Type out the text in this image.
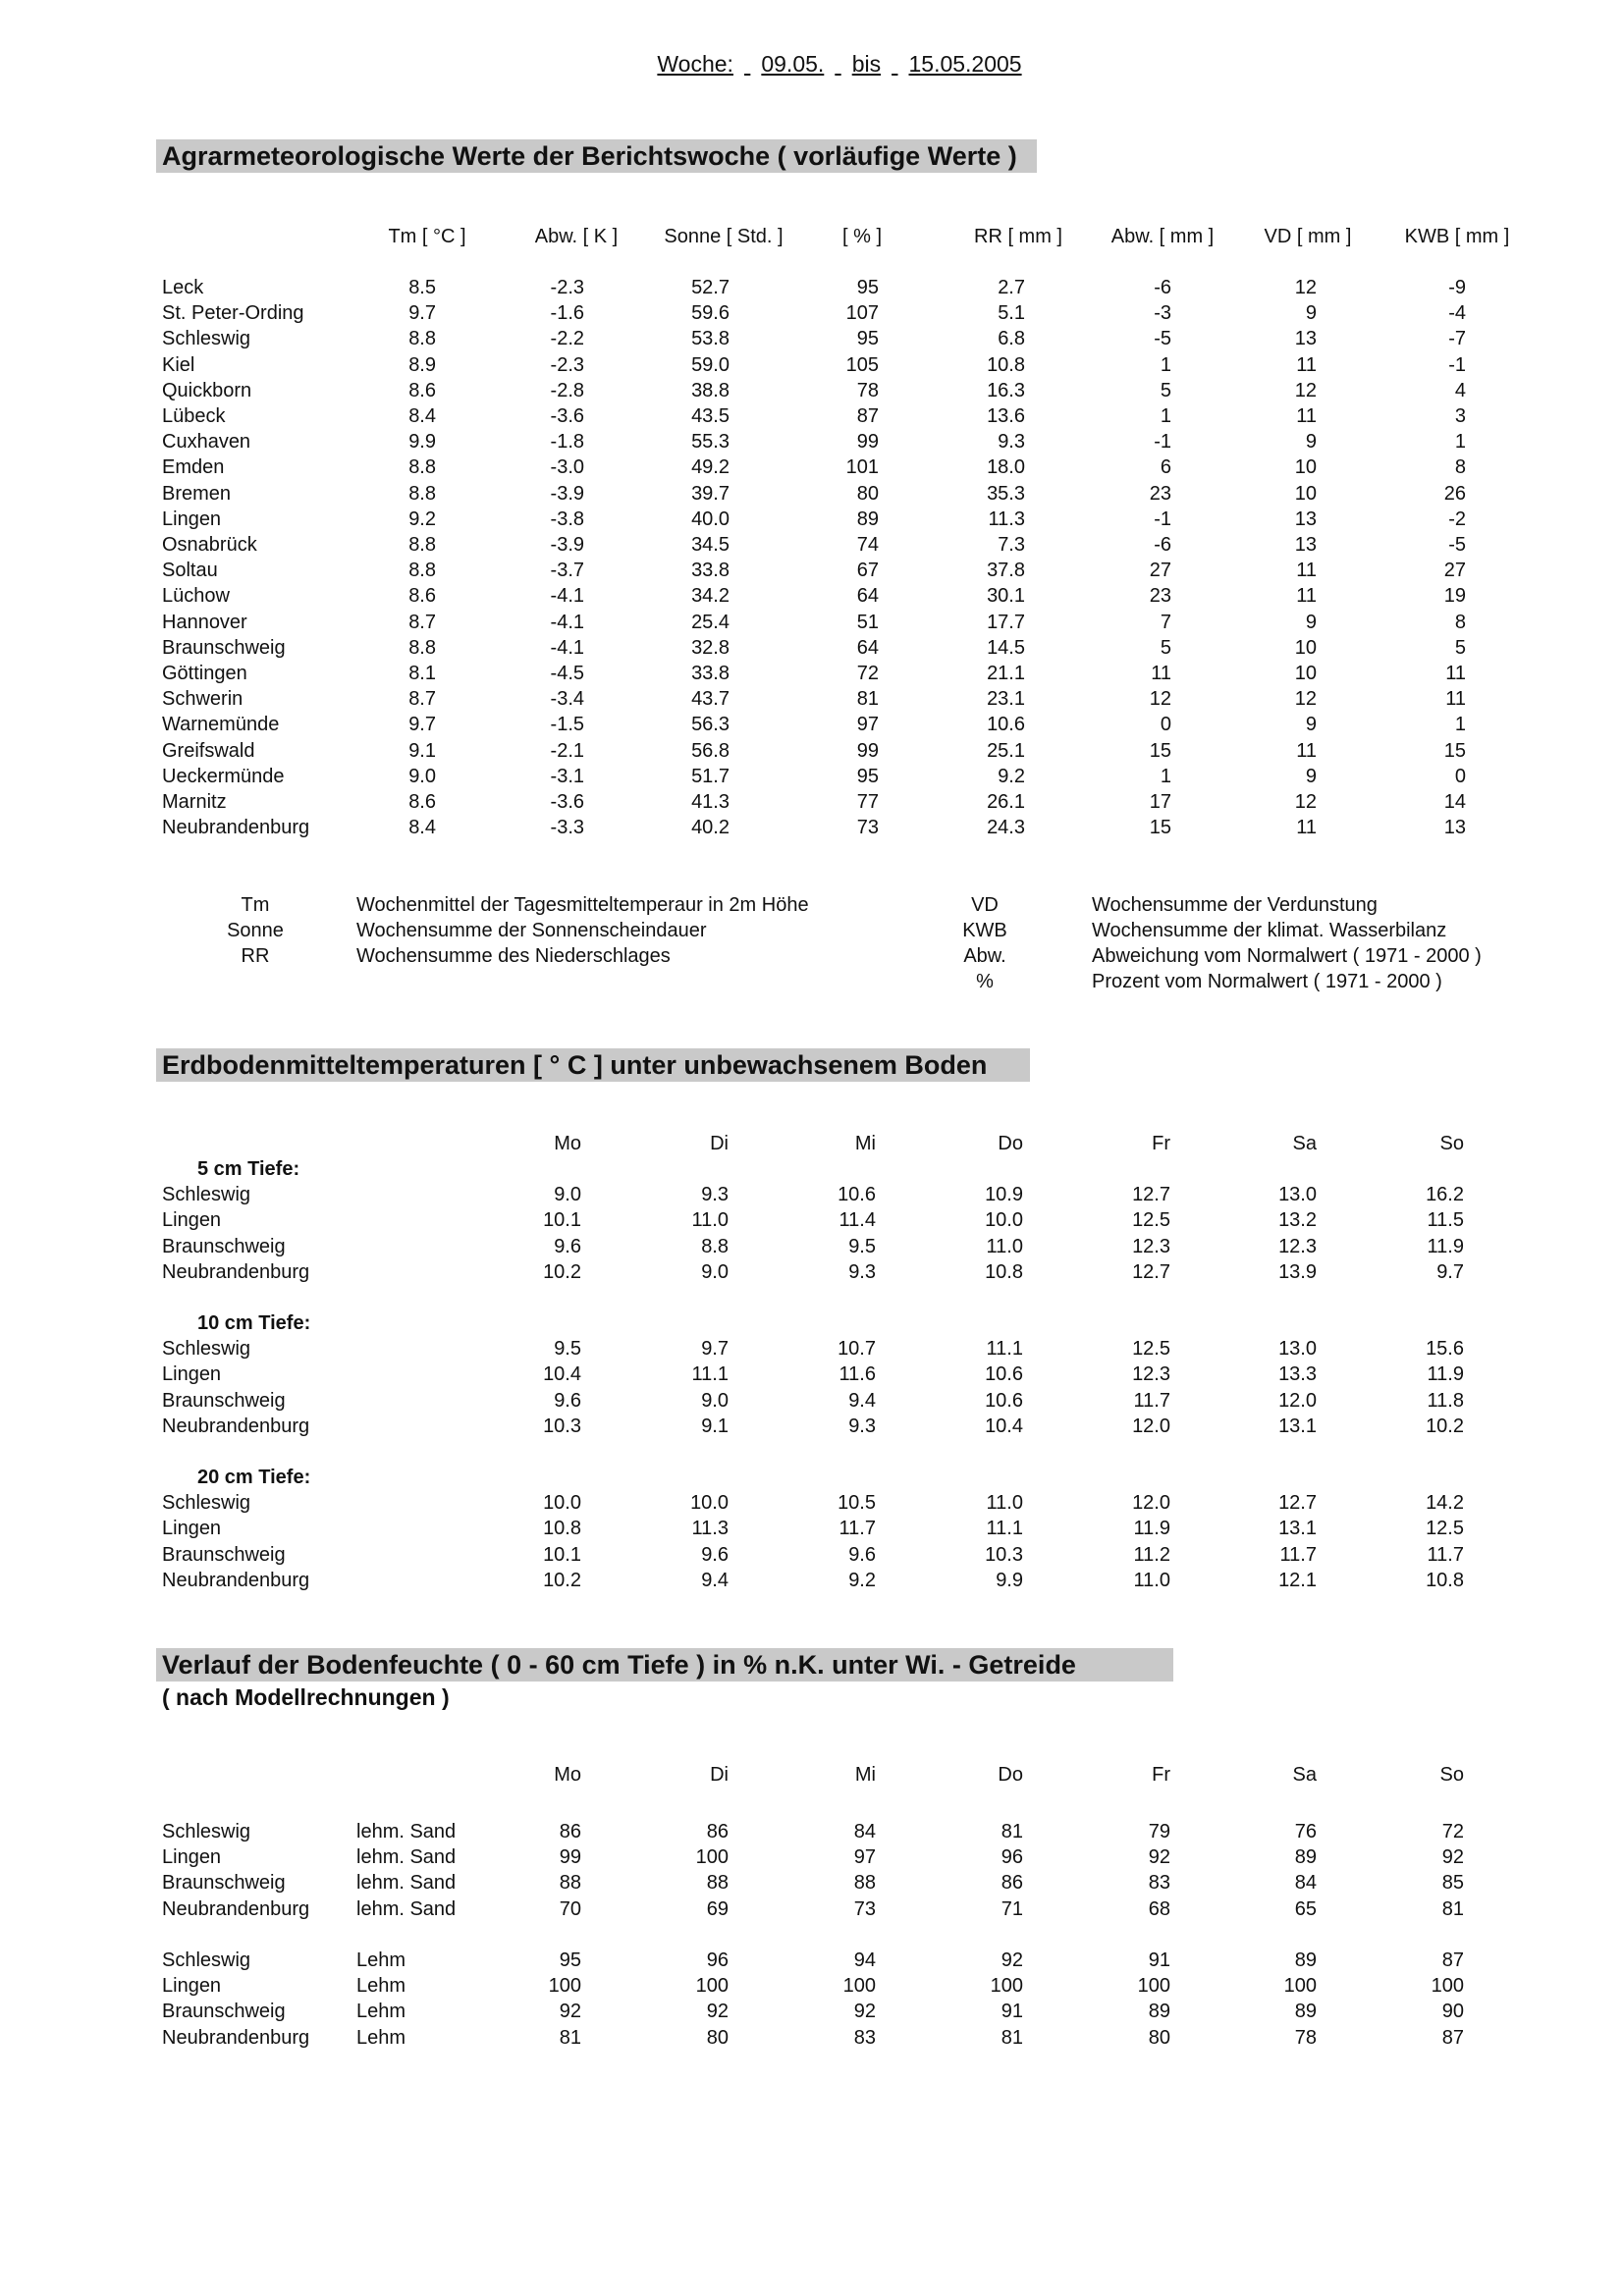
Woche: 09.05. bis 15.05.2005
Agrarmeteorologische Werte der Berichtswoche ( vorläufige Werte )
Tm [ °C ]	Abw. [ K ]	Sonne [ Std. ]	[ % ]	RR [ mm ]	Abw. [ mm ]	VD [ mm ]	KWB [ mm ]
Leck	8.5	-2.3	52.7	95	2.7	-6	12	-9
St. Peter-Ording	9.7	-1.6	59.6	107	5.1	-3	9	-4
Schleswig	8.8	-2.2	53.8	95	6.8	-5	13	-7
Kiel	8.9	-2.3	59.0	105	10.8	1	11	-1
Quickborn	8.6	-2.8	38.8	78	16.3	5	12	4
Lübeck	8.4	-3.6	43.5	87	13.6	1	11	3
Cuxhaven	9.9	-1.8	55.3	99	9.3	-1	9	1
Emden	8.8	-3.0	49.2	101	18.0	6	10	8
Bremen	8.8	-3.9	39.7	80	35.3	23	10	26
Lingen	9.2	-3.8	40.0	89	11.3	-1	13	-2
Osnabrück	8.8	-3.9	34.5	74	7.3	-6	13	-5
Soltau	8.8	-3.7	33.8	67	37.8	27	11	27
Lüchow	8.6	-4.1	34.2	64	30.1	23	11	19
Hannover	8.7	-4.1	25.4	51	17.7	7	9	8
Braunschweig	8.8	-4.1	32.8	64	14.5	5	10	5
Göttingen	8.1	-4.5	33.8	72	21.1	11	10	11
Schwerin	8.7	-3.4	43.7	81	23.1	12	12	11
Warnemünde	9.7	-1.5	56.3	97	10.6	0	9	1
Greifswald	9.1	-2.1	56.8	99	25.1	15	11	15
Ueckermünde	9.0	-3.1	51.7	95	9.2	1	9	0
Marnitz	8.6	-3.6	41.3	77	26.1	17	12	14
Neubrandenburg	8.4	-3.3	40.2	73	24.3	15	11	13
Tm	Wochenmittel der Tagesmitteltemperaur in 2m Höhe
Sonne	Wochensumme der Sonnenscheindauer
RR	Wochensumme des Niederschlages
VD	Wochensumme der Verdunstung
KWB	Wochensumme der klimat. Wasserbilanz
Abw.	Abweichung vom Normalwert ( 1971 - 2000 )
%	Prozent vom Normalwert ( 1971 - 2000 )
Erdbodenmitteltemperaturen [ ° C ] unter unbewachsenem Boden
Mo	Di	Mi	Do	Fr	Sa	So
5 cm Tiefe:
Schleswig	9.0	9.3	10.6	10.9	12.7	13.0	16.2
Lingen	10.1	11.0	11.4	10.0	12.5	13.2	11.5
Braunschweig	9.6	8.8	9.5	11.0	12.3	12.3	11.9
Neubrandenburg	10.2	9.0	9.3	10.8	12.7	13.9	9.7
10 cm Tiefe:
Schleswig	9.5	9.7	10.7	11.1	12.5	13.0	15.6
Lingen	10.4	11.1	11.6	10.6	12.3	13.3	11.9
Braunschweig	9.6	9.0	9.4	10.6	11.7	12.0	11.8
Neubrandenburg	10.3	9.1	9.3	10.4	12.0	13.1	10.2
20 cm Tiefe:
Schleswig	10.0	10.0	10.5	11.0	12.0	12.7	14.2
Lingen	10.8	11.3	11.7	11.1	11.9	13.1	12.5
Braunschweig	10.1	9.6	9.6	10.3	11.2	11.7	11.7
Neubrandenburg	10.2	9.4	9.2	9.9	11.0	12.1	10.8
Verlauf der Bodenfeuchte ( 0 - 60 cm Tiefe ) in % n.K. unter Wi. - Getreide
( nach Modellrechnungen )
Mo	Di	Mi	Do	Fr	Sa	So
Schleswig	lehm. Sand	86	86	84	81	79	76	72
Lingen	lehm. Sand	99	100	97	96	92	89	92
Braunschweig	lehm. Sand	88	88	88	86	83	84	85
Neubrandenburg lehm. Sand	70	69	73	71	68	65	81
Schleswig	Lehm	95	96	94	92	91	89	87
Lingen	Lehm	100	100	100	100	100	100	100
Braunschweig	Lehm	92	92	92	91	89	89	90
Neubrandenburg Lehm	81	80	83	81	80	78	87
